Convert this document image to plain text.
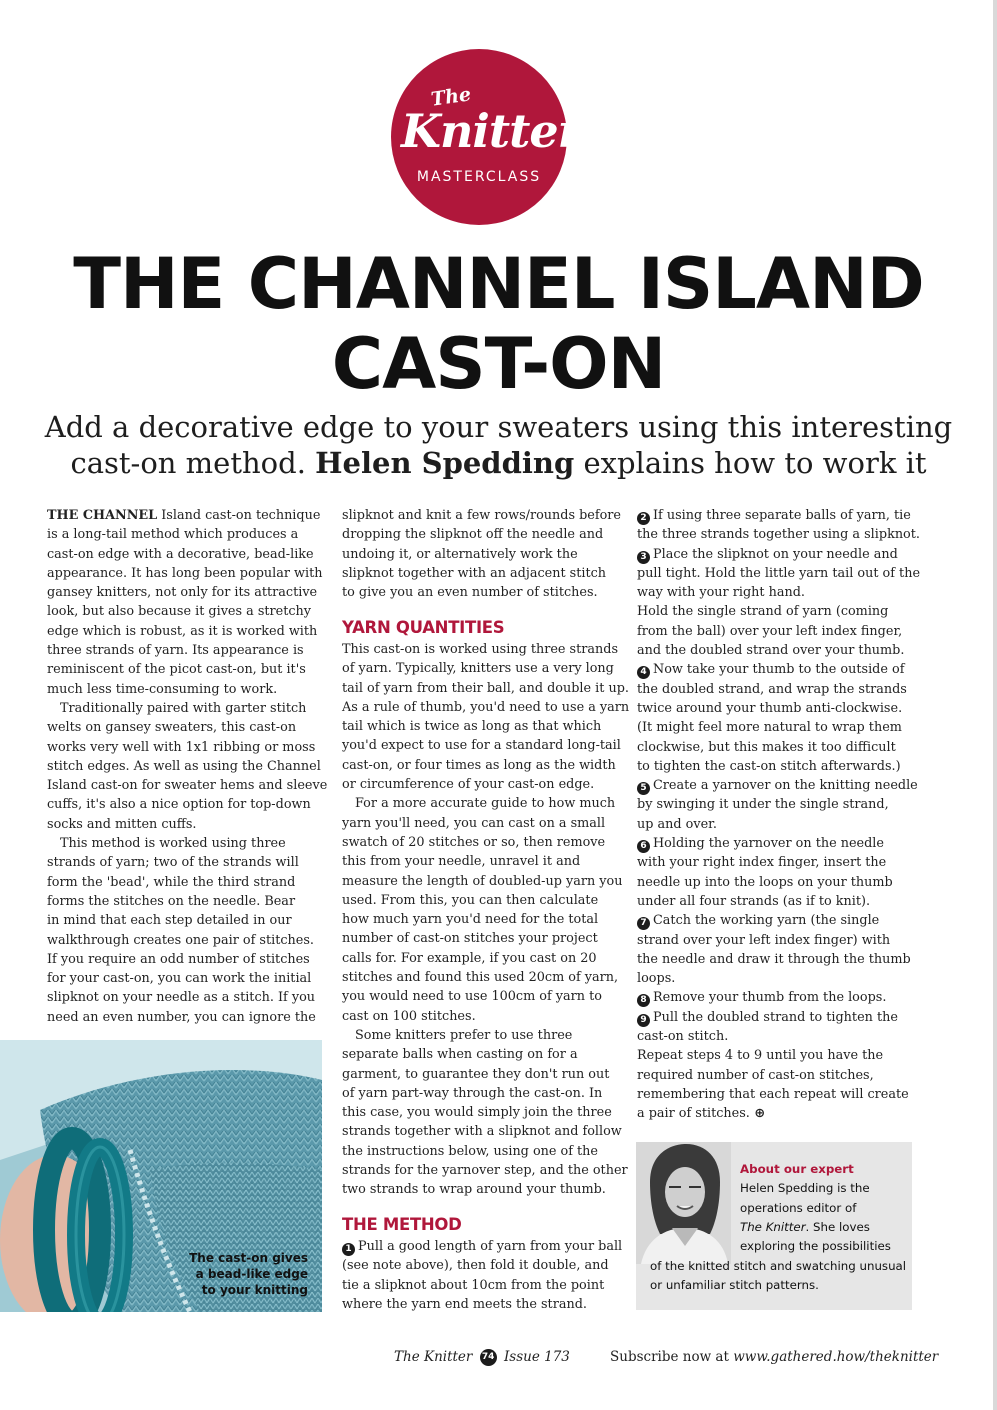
The
Knitter
MASTERCLASS
THE CHANNEL ISLAND
CAST-ON
Add a decorative edge to your sweaters using this interesting
cast-on method. Helen Spedding explains how to work it

THE CHANNEL Island cast-on technique

is a long-tail method which produces a

cast-on edge with a decorative, bead-like

appearance. It has long been popular with

gansey knitters, not only for its attractive

look, but also because it gives a stretchy

edge which is robust, as it is worked with

three strands of yarn. Its appearance is

reminiscent of the picot cast-on, but it's

much less time-consuming to work.

Traditionally paired with garter stitch

welts on gansey sweaters, this cast-on

works very well with 1x1 ribbing or moss

stitch edges. As well as using the Channel

Island cast-on for sweater hems and sleeve

cuffs, it's also a nice option for top-down

socks and mitten cuffs.

This method is worked using three

strands of yarn; two of the strands will

form the 'bead', while the third strand

forms the stitches on the needle. Bear

in mind that each step detailed in our

walkthrough creates one pair of stitches.

If you require an odd number of stitches

for your cast-on, you can work the initial

slipknot on your needle as a stitch. If you

need an even number, you can ignore the

The cast-on gives
a bead-like edge
to your knitting

slipknot and knit a few rows/rounds before

dropping the slipknot off the needle and

undoing it, or alternatively work the

slipknot together with an adjacent stitch

to give you an even number of stitches.

YARN QUANTITIES

This cast-on is worked using three strands

of yarn. Typically, knitters use a very long

tail of yarn from their ball, and double it up.

As a rule of thumb, you'd need to use a yarn

tail which is twice as long as that which

you'd expect to use for a standard long-tail

cast-on, or four times as long as the width

or circumference of your cast-on edge.

For a more accurate guide to how much

yarn you'll need, you can cast on a small

swatch of 20 stitches or so, then remove

this from your needle, unravel it and

measure the length of doubled-up yarn you

used. From this, you can then calculate

how much yarn you'd need for the total

number of cast-on stitches your project

calls for. For example, if you cast on 20

stitches and found this used 20cm of yarn,

you would need to use 100cm of yarn to

cast on 100 stitches.

Some knitters prefer to use three

separate balls when casting on for a

garment, to guarantee they don't run out

of yarn part-way through the cast-on. In

this case, you would simply join the three

strands together with a slipknot and follow

the instructions below, using one of the

strands for the yarnover step, and the other

two strands to wrap around your thumb.

THE METHOD

1 Pull a good length of yarn from your ball

(see note above), then fold it double, and

tie a slipknot about 10cm from the point

where the yarn end meets the strand.

2 If using three separate balls of yarn, tie

the three strands together using a slipknot.

3 Place the slipknot on your needle and

pull tight. Hold the little yarn tail out of the

way with your right hand.

Hold the single strand of yarn (coming

from the ball) over your left index finger,

and the doubled strand over your thumb.

4 Now take your thumb to the outside of

the doubled strand, and wrap the strands

twice around your thumb anti-clockwise.

(It might feel more natural to wrap them

clockwise, but this makes it too difficult

to tighten the cast-on stitch afterwards.)

5 Create a yarnover on the knitting needle

by swinging it under the single strand,

up and over.

6 Holding the yarnover on the needle

with your right index finger, insert the

needle up into the loops on your thumb

under all four strands (as if to knit).

7 Catch the working yarn (the single

strand over your left index finger) with

the needle and draw it through the thumb

loops.

8 Remove your thumb from the loops.

9 Pull the doubled strand to tighten the

cast-on stitch.

Repeat steps 4 to 9 until you have the

required number of cast-on stitches,

remembering that each repeat will create

a pair of stitches. ⊕

About our expert

Helen Spedding is the

operations editor of

The Knitter. She loves

exploring the possibilities

of the knitted stitch and swatching unusual

or unfamiliar stitch patterns.

The Knitter 74 Issue 173	Subscribe now at www.gathered.how/theknitter
